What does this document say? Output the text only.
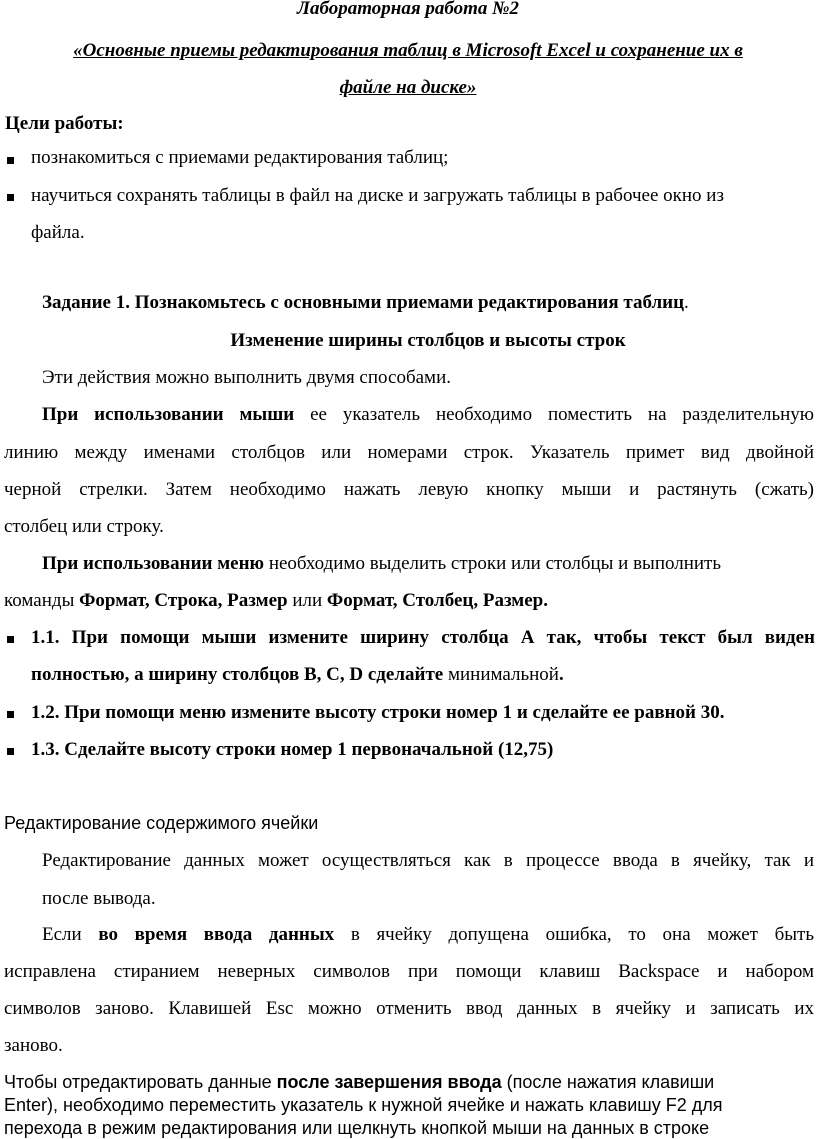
Лабораторная работа №2
«Основные приемы редактирования таблиц в Microsoft Excel и сохранение их в
файле на диске»
Цели работы:
познакомиться с приемами редактирования таблиц;
научиться сохранять таблицы в файл на диске и загружать таблицы в рабочее окно из
файла.
Задание 1. Познакомьтесь с основными приемами редактирования таблиц.
Изменение ширины столбцов и высоты строк
Эти действия можно выполнить двумя способами.
При использовании мыши ее указатель необходимо поместить на разделительную
линию между именами столбцов или номерами строк. Указатель примет вид двойной
черной стрелки. Затем необходимо нажать левую кнопку мыши и растянуть (сжать)
столбец или строку.
При использовании меню необходимо выделить строки или столбцы и выполнить
команды Формат, Строка, Размер или Формат, Столбец, Размер.
1.1. При помощи мыши измените ширину столбца А так, чтобы текст был виден
полностью, а ширину столбцов В, С, D сделайте минимальной.
1.2. При помощи меню измените высоту строки номер 1 и сделайте ее равной 30.
1.3. Сделайте высоту строки номер 1 первоначальной (12,75)
Редактирование содержимого ячейки
Редактирование данных может осуществляться как в процессе ввода в ячейку, так и
после вывода.
Если во время ввода данных в ячейку допущена ошибка, то она может быть
исправлена стиранием неверных символов при помощи клавиш Backspace и набором
символов заново. Клавишей Esc можно отменить ввод данных в ячейку и записать их
заново.
Чтобы отредактировать данные после завершения ввода (после нажатия клавиши
Enter), необходимо переместить указатель к нужной ячейке и нажать клавишу F2 для
перехода в режим редактирования или щелкнуть кнопкой мыши на данных в строке
